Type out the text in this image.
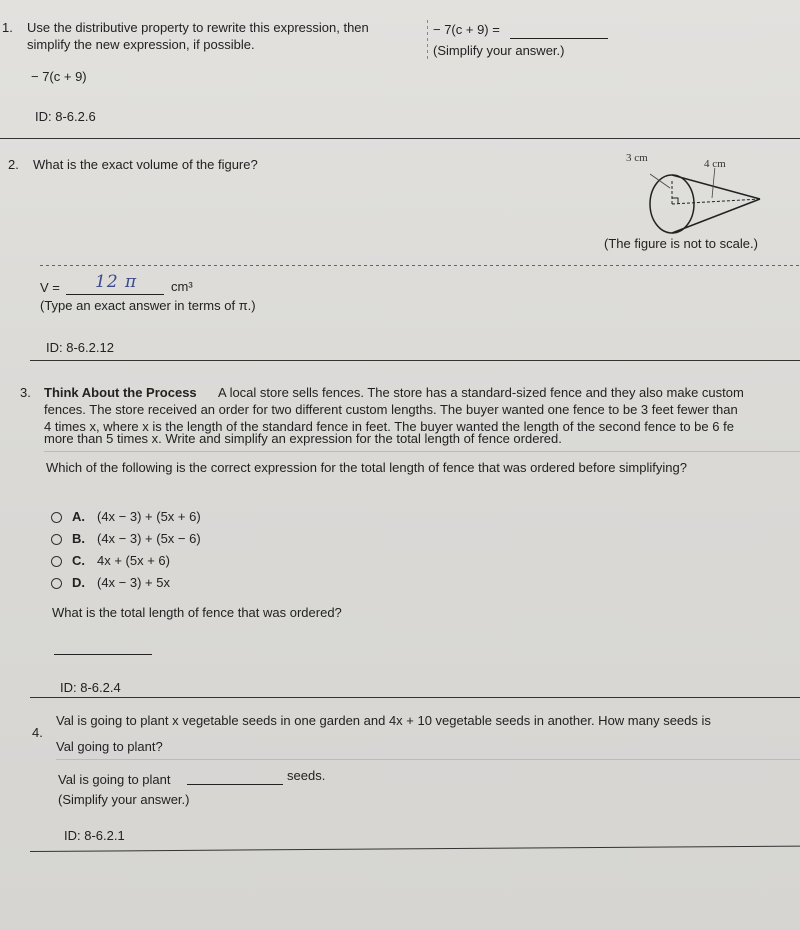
1. Use the distributive property to rewrite this expression, then
simplify the new expression, if possible.
− 7(c + 9)
ID: 8-6.2.6
− 7(c + 9) =
(Simplify your answer.)
2. What is the exact volume of the figure?	3 cm	4 cm
(The figure is not to scale.)
V = 12 π	cm³
(Type an exact answer in terms of π.)
ID: 8-6.2.12
3. Think About the Process A local store sells fences. The store has a standard-sized fence and they also make custom
fences. The store received an order for two different custom lengths. The buyer wanted one fence to be 3 feet fewer than
4 times x, where x is the length of the standard fence in feet. The buyer wanted the length of the second fence to be 6 fe
more than 5 times x. Write and simplify an expression for the total length of fence ordered.
Which of the following is the correct expression for the total length of fence that was ordered before simplifying?
A. (4x − 3) + (5x + 6)
B. (4x − 3) + (5x − 6)
C. 4x + (5x + 6)
D. (4x − 3) + 5x
What is the total length of fence that was ordered?
ID: 8-6.2.4
4.
Val is going to plant x vegetable seeds in one garden and 4x + 10 vegetable seeds in another. How many seeds is
Val going to plant?
Val is going to plant	seeds.
(Simplify your answer.)
ID: 8-6.2.1
